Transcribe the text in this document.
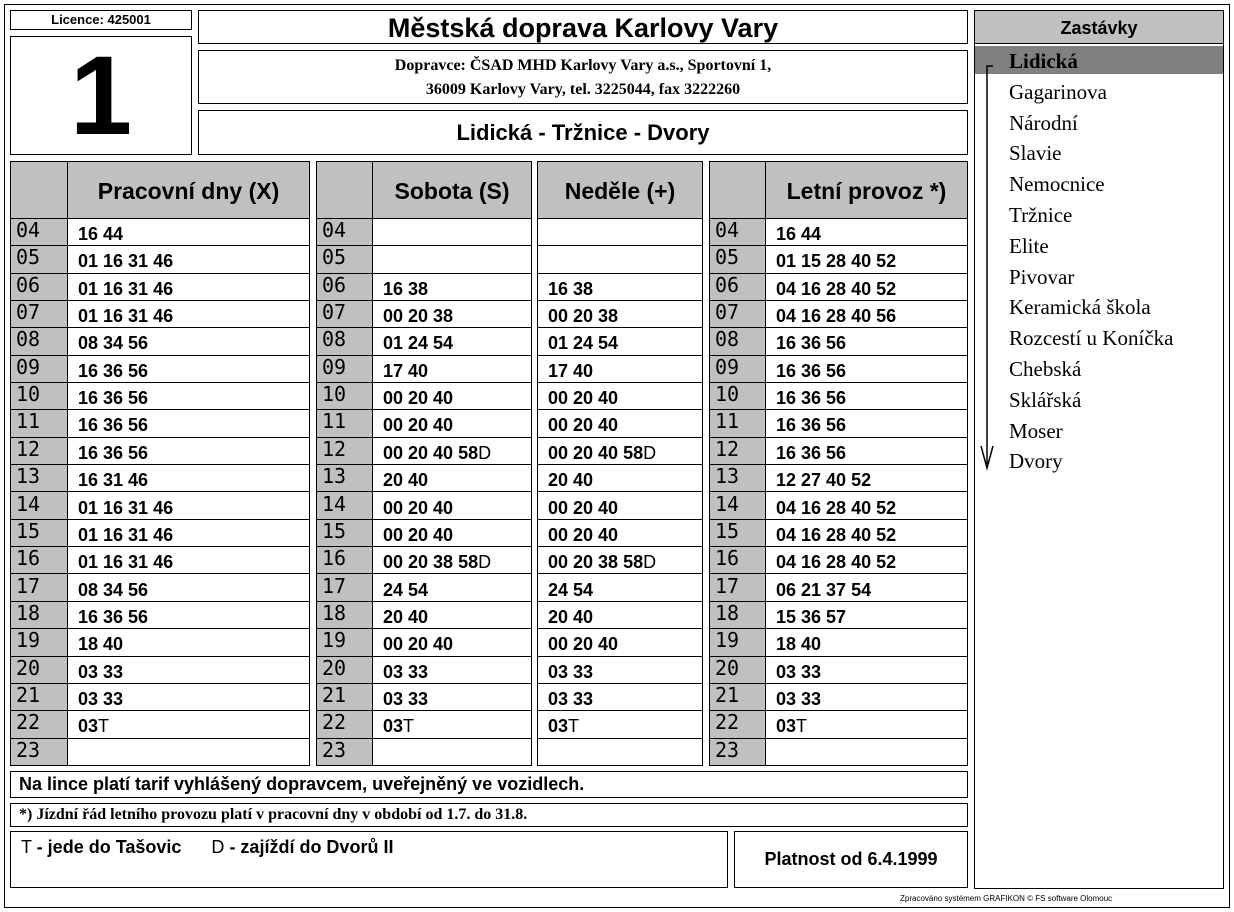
Licence: 425001
1
Městská doprava Karlovy Vary
Dopravce: ČSAD MHD Karlovy Vary a.s., Sportovní 1,
36009 Karlovy Vary, tel. 3225044, fax 3222260
Lidická - Tržnice - Dvory
Pracovní dny (X)
04
05
06
07
08
09
10
11
12
13
14
15
16
17
18
19
20
21
22
23
16 44
01 16 31 46
01 16 31 46
01 16 31 46
08 34 56
16 36 56
16 36 56
16 36 56
16 36 56
16 31 46
01 16 31 46
01 16 31 46
01 16 31 46
08 34 56
16 36 56
18 40
03 33
03 33
03T
Sobota (S)	Neděle (+)
04
05
06
07
08
09
10
11
12
13
14
15
16
17
18
19
20
21
22
23
16 38
00 20 38
01 24 54
17 40
00 20 40
00 20 40
00 20 40 58D
20 40
00 20 40
00 20 40
00 20 38 58D
24 54
20 40
00 20 40
03 33
03 33
03T
16 38
00 20 38
01 24 54
17 40
00 20 40
00 20 40
00 20 40 58D
20 40
00 20 40
00 20 40
00 20 38 58D
24 54
20 40
00 20 40
03 33
03 33
03T
Letní provoz *)
04
05
06
07
08
09
10
11
12
13
14
15
16
17
18
19
20
21
22
23
16 44
01 15 28 40 52
04 16 28 40 52
04 16 28 40 56
16 36 56
16 36 56
16 36 56
16 36 56
16 36 56
12 27 40 52
04 16 28 40 52
04 16 28 40 52
04 16 28 40 52
06 21 37 54
15 36 57
18 40
03 33
03 33
03T
Na lince platí tarif vyhlášený dopravcem, uveřejněný ve vozidlech.
*) Jízdní řád letního provozu platí v pracovní dny v období od 1.7. do 31.8.
T - jede do Tašovic D - zajíždí do Dvorů II
Platnost od 6.4.1999
Zastávky
Lidická
Gagarinova
Národní
Slavie
Nemocnice
Tržnice
Elite
Pivovar
Keramická škola
Rozcestí u Koníčka
Chebská
Sklářská
Moser
Dvory
Zpracováno systémem GRAFIKON © FS software Olomouc
